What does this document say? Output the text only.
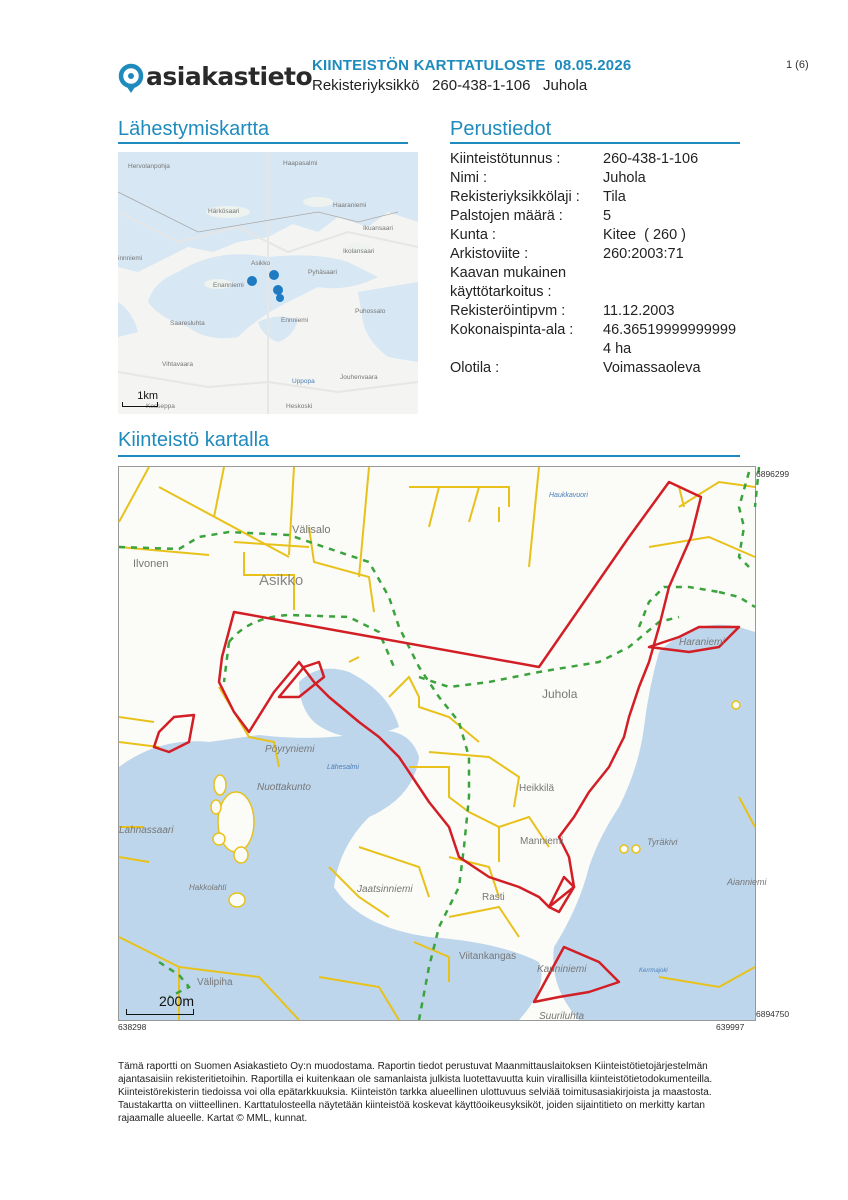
asiakastieto KIINTEISTÖN KARTTATULOSTE 08.05.2026
Rekisteriyksikkö 260-438-1-106 Juhola
1 (6)
Lähestymiskartta
Hervolanpohja	Haapasalmi
Härkösaari
Haaraniemi
Ikuansaari
Ikolansaari
innniemi
Asikko
Enanniemi
Pyhäsaari
Puhossalo
Saaresluhta	Ennniemi
Vihtavaara
Jouhenvaara
Kesseppa	Heskoski
Uppopa
1km
Perustiedot
Kiinteistötunnus :	260-438-1-106
Nimi :	Juhola
Rekisteriyksikkölaji :	Tila
Palstojen määrä :	5
Kunta :	Kitee  ( 260 )
Arkistoviite :	260:2003:71
Kaavan mukainen käyttötarkoitus :
Rekisteröintipvm :	11.12.2003
Kokonaispinta-ala :	46.365199999999994 ha
Olotila :	Voimassaoleva
Kiinteistö kartalla
Välisalo
Ilvonen
Asikko
Haraniemi
Juhola
Pöyryniemi
Lähesalmi
Nuottakunto	Heikkilä
Manniemi	Tyräkivi
Aianniemi
Lahnassaari
Hakkolahti	Jaatsinniemi
Rasti
Viitankangas
Kauniniemi
Välipiha
Suuriluhta
Haukkavuori
Kerrmajoki
200m
6896299
6894750
638298	639997
Tämä raportti on Suomen Asiakastieto Oy:n muodostama. Raportin tiedot perustuvat Maanmittauslaitoksen Kiinteistötietojärjestelmän ajantasaisiin rekisteritietoihin. Raportilla ei kuitenkaan ole samanlaista julkista luotettavuutta kuin virallisilla kiinteistötietodokumenteilla. Kiinteistörekisterin tiedoissa voi olla epätarkkuuksia. Kiinteistön tarkka alueellinen ulottuvuus selviää toimitusasiakirjoista ja maastosta. Taustakartta on viitteellinen. Karttatulosteella näytetään kiinteistöä koskevat käyttöoikeusyksiköt, joiden sijaintitieto on merkitty kartan rajaamalle alueelle. Kartat © MML, kunnat.
